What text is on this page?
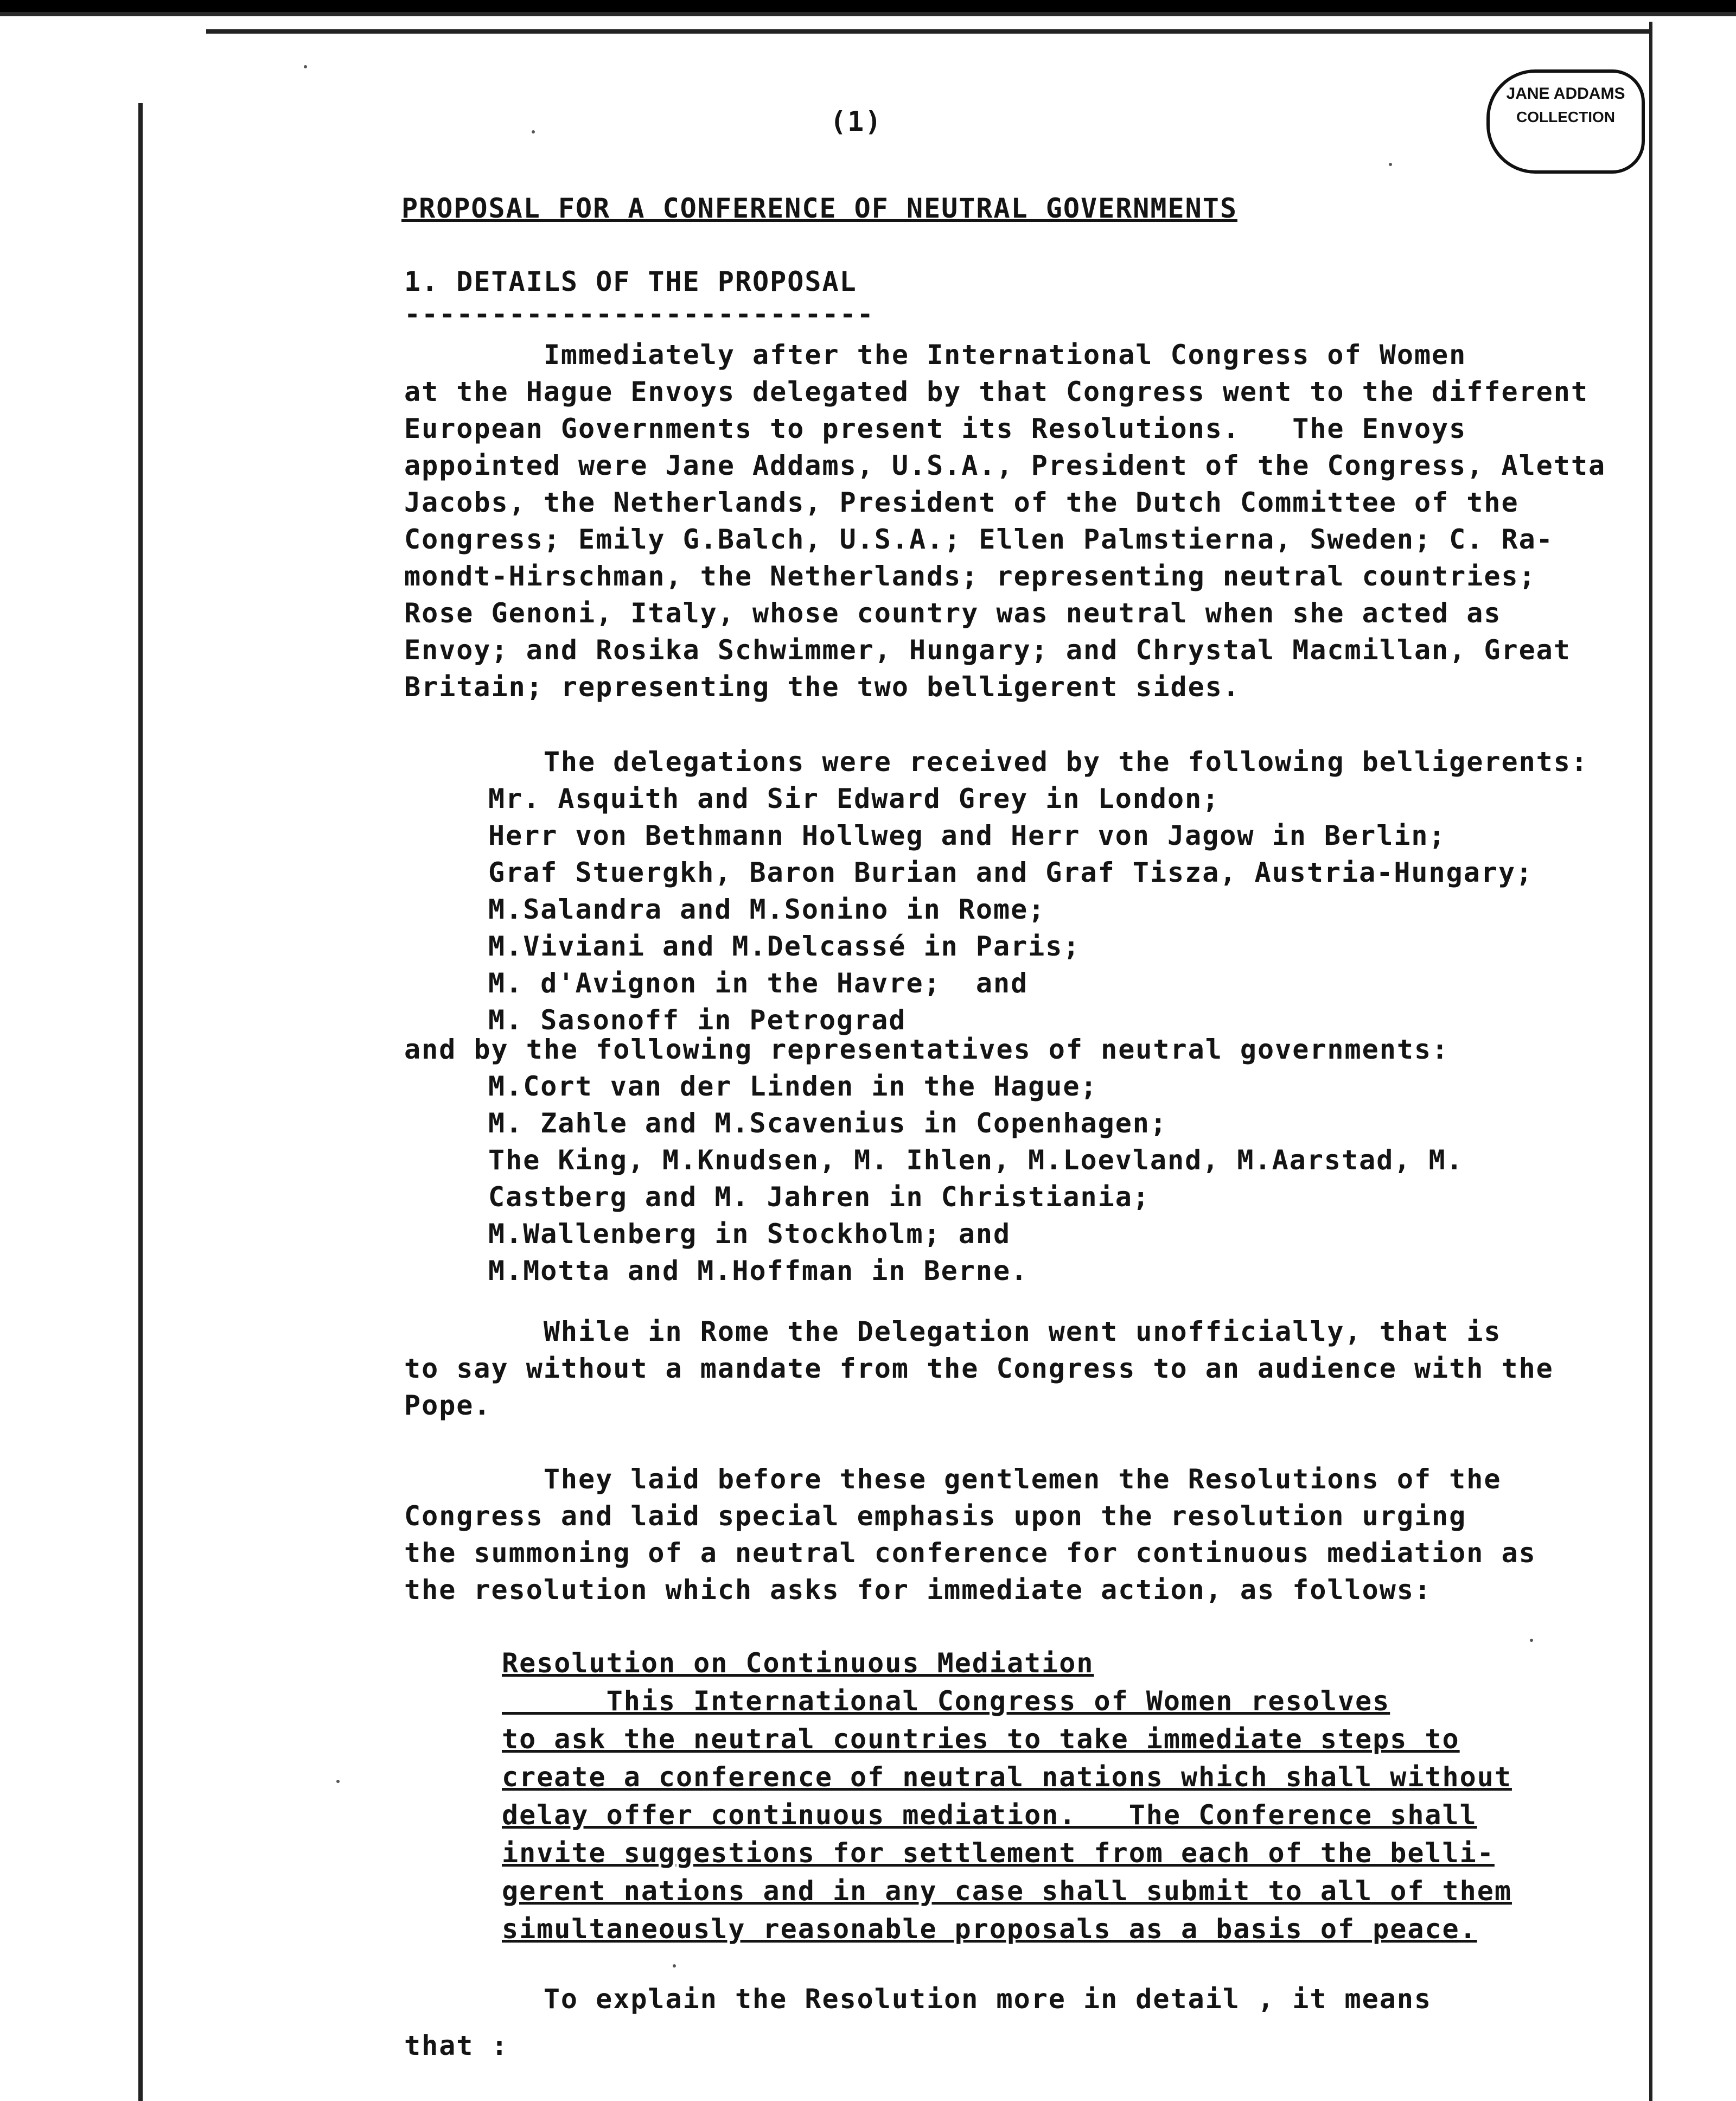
JANE ADDAMS
COLLECTION
(1)
PROPOSAL FOR A CONFERENCE OF NEUTRAL GOVERNMENTS
1. DETAILS OF THE PROPOSAL
---------------------------
Immediately after the International Congress of Women
at the Hague Envoys delegated by that Congress went to the different
European Governments to present its Resolutions.   The Envoys
appointed were Jane Addams, U.S.A., President of the Congress, Aletta
Jacobs, the Netherlands, President of the Dutch Committee of the
Congress; Emily G.Balch, U.S.A.; Ellen Palmstierna, Sweden; C. Ra-
mondt-Hirschman, the Netherlands; representing neutral countries;
Rose Genoni, Italy, whose country was neutral when she acted as
Envoy; and Rosika Schwimmer, Hungary; and Chrystal Macmillan, Great
Britain; representing the two belligerent sides.
The delegations were received by the following belligerents:
Mr. Asquith and Sir Edward Grey in London;
Herr von Bethmann Hollweg and Herr von Jagow in Berlin;
Graf Stuergkh, Baron Burian and Graf Tisza, Austria-Hungary;
M.Salandra and M.Sonino in Rome;
M.Viviani and M.Delcassé in Paris;
M. d'Avignon in the Havre;  and
M. Sasonoff in Petrograd
and by the following representatives of neutral governments:
M.Cort van der Linden in the Hague;
M. Zahle and M.Scavenius in Copenhagen;
The King, M.Knudsen, M. Ihlen, M.Loevland, M.Aarstad, M.
Castberg and M. Jahren in Christiania;
M.Wallenberg in Stockholm; and
M.Motta and M.Hoffman in Berne.
While in Rome the Delegation went unofficially, that is
to say without a mandate from the Congress to an audience with the
Pope.
They laid before these gentlemen the Resolutions of the
Congress and laid special emphasis upon the resolution urging
the summoning of a neutral conference for continuous mediation as
the resolution which asks for immediate action, as follows:
Resolution on Continuous Mediation
This International Congress of Women resolves
to ask the neutral countries to take immediate steps to
create a conference of neutral nations which shall without
delay offer continuous mediation.   The Conference shall
invite suggestions for settlement from each of the belli-
gerent nations and in any case shall submit to all of them
simultaneously reasonable proposals as a basis of peace.
To explain the Resolution more in detail , it means
that :
